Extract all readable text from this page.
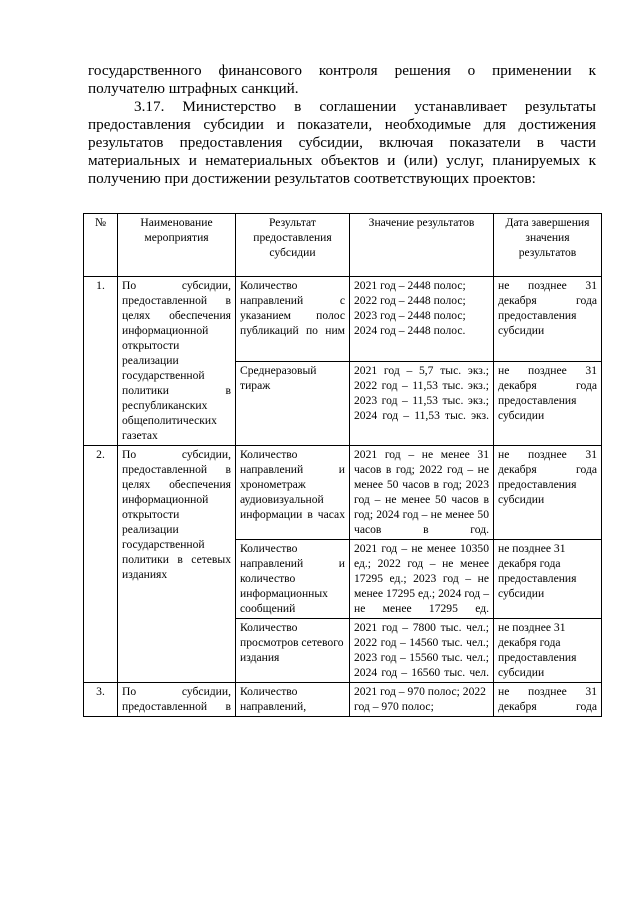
государственного финансового контроля решения о применении к получателю штрафных санкций.

3.17. Министерство в соглашении устанавливает результаты предоставления субсидии и показатели, необходимые для достижения результатов предоставления субсидии, включая показатели в части материальных и нематериальных объектов и (или) услуг, планируемых к получению при достижении результатов соответствующих проектов:

№	Наименование мероприятия	Результат предоставления субсидии	Значение результатов	Дата завершения значения результатов
1.	По субсидии, предоставленной в целях обеспечения информационной открытости реализации государственной политики в республиканских общеполитических газетах	Количество направлений с указанием полос публикаций по ним	2021 год – 2448 полос; 2022 год – 2448 полос; 2023 год – 2448 полос; 2024 год – 2448 полос.	не позднее 31 декабря года предоставления субсидии
		Среднеразовый тираж	2021 год – 5,7 тыс. экз.; 2022 год – 11,53 тыс. экз.; 2023 год – 11,53 тыс. экз.; 2024 год – 11,53 тыс. экз.	не позднее 31 декабря года предоставления субсидии
2.	По субсидии, предоставленной в целях обеспечения информационной открытости реализации государственной политики в сетевых изданиях	Количество направлений и хронометраж аудиовизуальной информации в часах	2021 год – не менее 31 часов в год; 2022 год – не менее 50 часов в год; 2023 год – не менее 50 часов в год; 2024 год – не менее 50 часов в год.	не позднее 31 декабря года предоставления субсидии
		Количество направлений и количество информационных сообщений	2021 год – не менее 10350 ед.; 2022 год – не менее 17295 ед.; 2023 год – не менее 17295 ед.; 2024 год – не менее 17295 ед.	не позднее 31 декабря года предоставления субсидии
		Количество просмотров сетевого издания	2021 год – 7800 тыс. чел.; 2022 год – 14560 тыс. чел.; 2023 год – 15560 тыс. чел.; 2024 год – 16560 тыс. чел.	не позднее 31 декабря года предоставления субсидии
3.	По субсидии, предоставленной в	Количество направлений,	2021 год – 970 полос; 2022 год – 970 полос;	не позднее 31 декабря года
